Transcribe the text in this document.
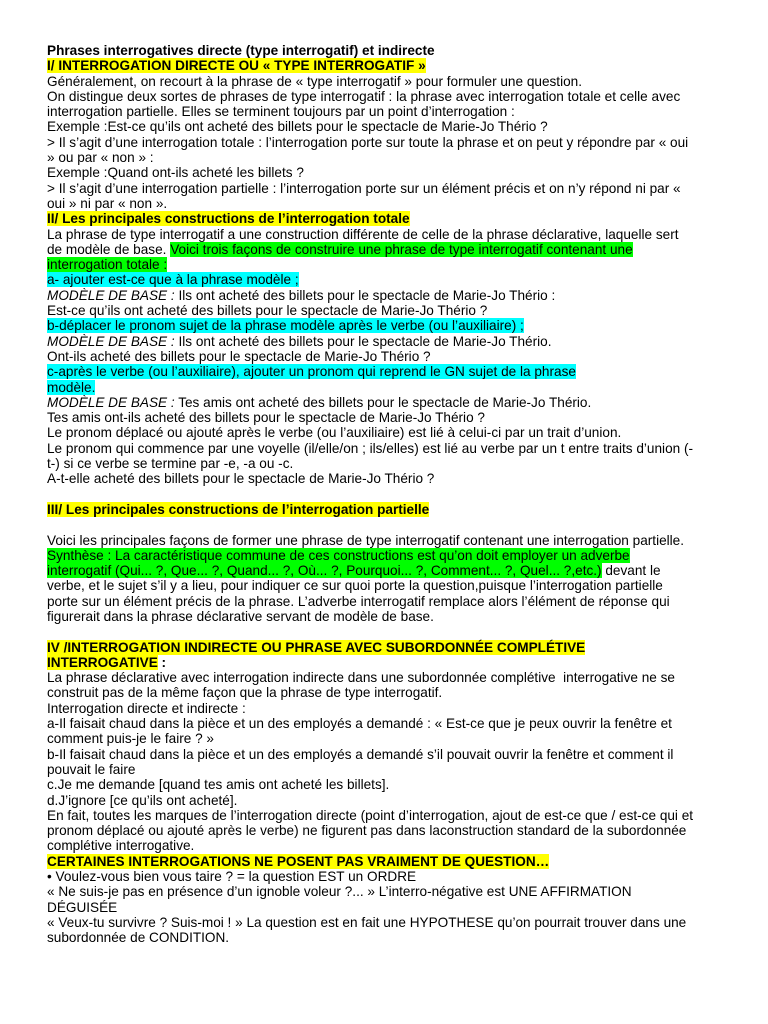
Phrases interrogatives directe (type interrogatif) et indirecte
I/ INTERROGATION DIRECTE OU « TYPE INTERROGATIF »
Généralement, on recourt à la phrase de « type interrogatif » pour formuler une question.
On distingue deux sortes de phrases de type interrogatif : la phrase avec interrogation totale et celle avec
interrogation partielle. Elles se terminent toujours par un point d’interrogation :
Exemple :Est-ce qu’ils ont acheté des billets pour le spectacle de Marie-Jo Thério ?
> Il s’agit d’une interrogation totale : l’interrogation porte sur toute la phrase et on peut y répondre par « oui
» ou par « non » :
Exemple :Quand ont-ils acheté les billets ?
> Il s’agit d’une interrogation partielle : l’interrogation porte sur un élément précis et on n’y répond ni par «
oui » ni par « non ».
II/ Les principales constructions de l’interrogation totale
La phrase de type interrogatif a une construction différente de celle de la phrase déclarative, laquelle sert
de modèle de base. Voici trois façons de construire une phrase de type interrogatif contenant une
interrogation totale :
a- ajouter est-ce que à la phrase modèle ;
MODÈLE DE BASE : Ils ont acheté des billets pour le spectacle de Marie-Jo Thério :
Est-ce qu’ils ont acheté des billets pour le spectacle de Marie-Jo Thério ?
b-déplacer le pronom sujet de la phrase modèle après le verbe (ou l’auxiliaire) ;
MODÈLE DE BASE : Ils ont acheté des billets pour le spectacle de Marie-Jo Thério.
Ont-ils acheté des billets pour le spectacle de Marie-Jo Thério ?
c-après le verbe (ou l’auxiliaire), ajouter un pronom qui reprend le GN sujet de la phrase
modèle.
MODÈLE DE BASE : Tes amis ont acheté des billets pour le spectacle de Marie-Jo Thério.
Tes amis ont-ils acheté des billets pour le spectacle de Marie-Jo Thério ?
Le pronom déplacé ou ajouté après le verbe (ou l’auxiliaire) est lié à celui-ci par un trait d’union.
Le pronom qui commence par une voyelle (il/elle/on ; ils/elles) est lié au verbe par un t entre traits d’union (-
t-) si ce verbe se termine par -e, -a ou -c.
A-t-elle acheté des billets pour le spectacle de Marie-Jo Thério ?
III/ Les principales constructions de l’interrogation partielle
Voici les principales façons de former une phrase de type interrogatif contenant une interrogation partielle.
Synthèse : La caractéristique commune de ces constructions est qu’on doit employer un adverbe
interrogatif (Qui... ?, Que... ?, Quand... ?, Où... ?, Pourquoi... ?, Comment... ?, Quel... ?,etc.) devant le
verbe, et le sujet s’il y a lieu, pour indiquer ce sur quoi porte la question,puisque l’interrogation partielle
porte sur un élément précis de la phrase. L’adverbe interrogatif remplace alors l’élément de réponse qui
figurerait dans la phrase déclarative servant de modèle de base.
IV /INTERROGATION INDIRECTE OU PHRASE AVEC SUBORDONNÉE COMPLÉTIVE
INTERROGATIVE :
La phrase déclarative avec interrogation indirecte dans une subordonnée complétive  interrogative ne se
construit pas de la même façon que la phrase de type interrogatif.
Interrogation directe et indirecte :
a-Il faisait chaud dans la pièce et un des employés a demandé : « Est-ce que je peux ouvrir la fenêtre et
comment puis-je le faire ? »
b-Il faisait chaud dans la pièce et un des employés a demandé s’il pouvait ouvrir la fenêtre et comment il
pouvait le faire
c.Je me demande [quand tes amis ont acheté les billets].
d.J’ignore [ce qu’ils ont acheté].
En fait, toutes les marques de l’interrogation directe (point d’interrogation, ajout de est-ce que / est-ce qui et
pronom déplacé ou ajouté après le verbe) ne figurent pas dans laconstruction standard de la subordonnée
complétive interrogative.
CERTAINES INTERROGATIONS NE POSENT PAS VRAIMENT DE QUESTION…
• Voulez-vous bien vous taire ? = la question EST un ORDRE
« Ne suis-je pas en présence d’un ignoble voleur ?... » L’interro-négative est UNE AFFIRMATION
DÉGUISÉE
« Veux-tu survivre ? Suis-moi ! » La question est en fait une HYPOTHESE qu’on pourrait trouver dans une
subordonnée de CONDITION.
